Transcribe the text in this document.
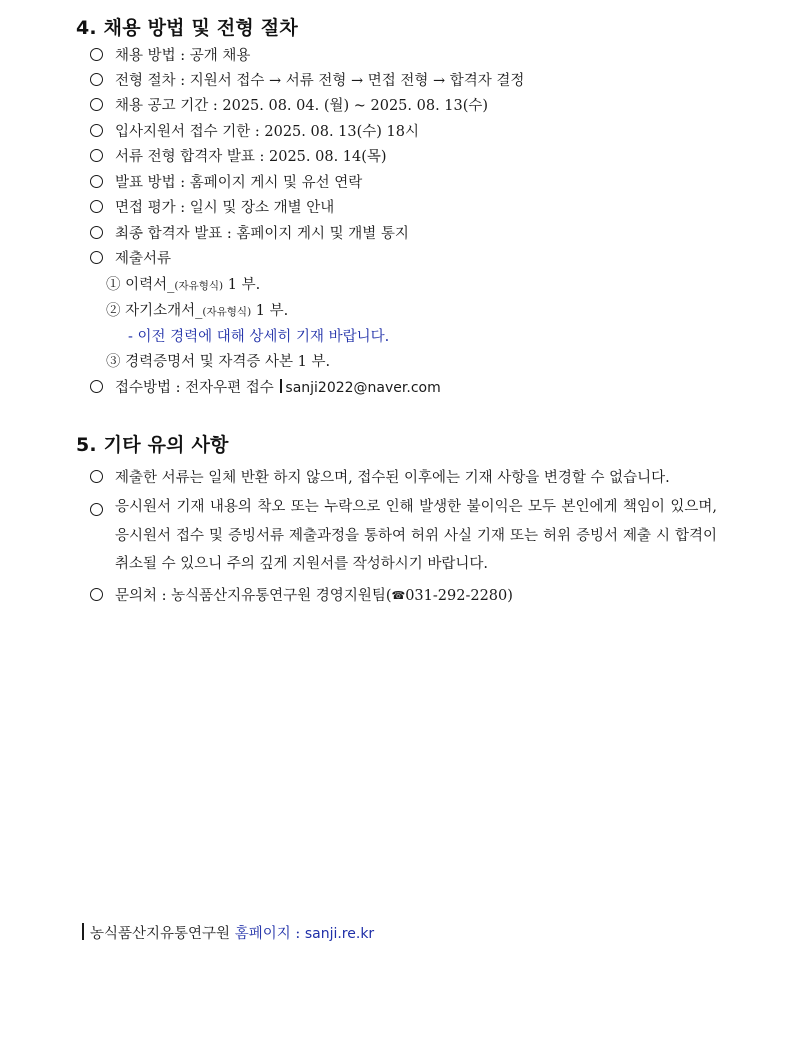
4. 채용 방법 및 전형 절차
채용 방법 : 공개 채용
전형 절차 : 지원서 접수 → 서류 전형 → 면접 전형 → 합격자 결정
채용 공고 기간 : 2025. 08. 04. (월) ~ 2025. 08. 13(수)
입사지원서 접수 기한 : 2025. 08. 13(수) 18시
서류 전형 합격자 발표 : 2025. 08. 14(목)
발표 방법 : 홈페이지 게시 및 유선 연락
면접 평가 : 일시 및 장소 개별 안내
최종 합격자 발표 : 홈페이지 게시 및 개별 통지
제출서류
① 이력서_(자유형식) 1 부.
② 자기소개서_(자유형식) 1 부.
- 이전 경력에 대해 상세히 기재 바랍니다.
③ 경력증명서 및 자격증 사본 1 부.
접수방법 : 전자우편 접수 sanji2022@naver.com
5. 기타 유의 사항
제출한 서류는 일체 반환 하지 않으며, 접수된 이후에는 기재 사항을 변경할 수 없습니다.
응시원서 기재 내용의 착오 또는 누락으로 인해 발생한 불이익은 모두 본인에게 책임이 있으며, 응시원서 접수 및 증빙서류 제출과정을 통하여 허위 사실 기재 또는 허위 증빙서 제출 시 합격이 취소될 수 있으니 주의 깊게 지원서를 작성하시기 바랍니다.
문의처 : 농식품산지유통연구원 경영지원팀(☎031-292-2280)
농식품산지유통연구원 홈페이지 : sanji.re.kr
